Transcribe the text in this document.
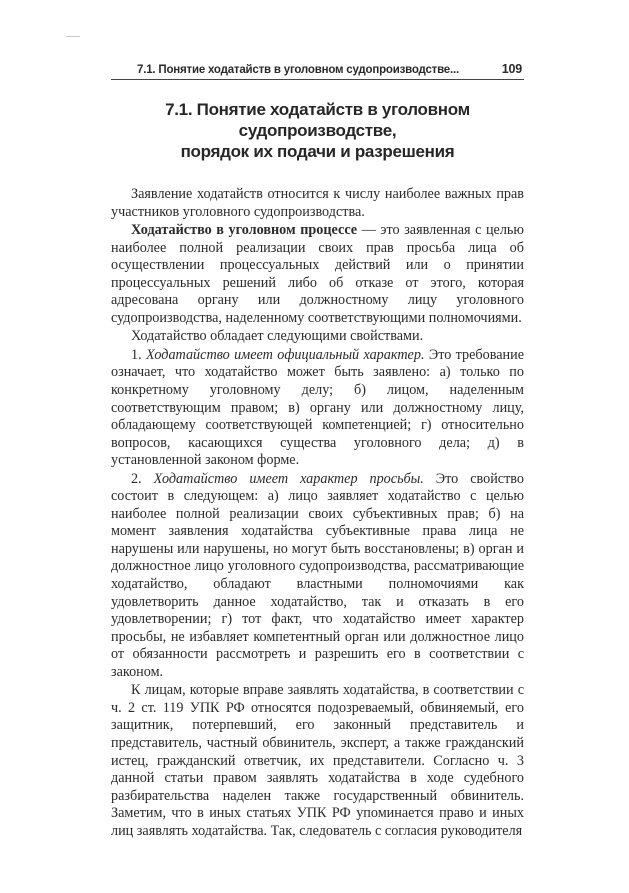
7.1. Понятие ходатайств в уголовном судопроизводстве...	109
7.1. Понятие ходатайств в уголовном судопроизводстве,
порядок их подачи и разрешения

Заявление ходатайств относится к числу наиболее важных прав участников уголовного судопроизводства.

Ходатайство в уголовном процессе — это заявленная с целью наиболее полной реализации своих прав просьба лица об осуществлении процессуальных действий или о принятии процессуальных решений либо об отказе от этого, которая адресована органу или должностному лицу уголовного судопроизводства, наделенному соответствующими полномочиями.

Ходатайство обладает следующими свойствами.

1. Ходатайство имеет официальный характер. Это требование означает, что ходатайство может быть заявлено: а) только по конкретному уголовному делу; б) лицом, наделенным соответствующим правом; в) органу или должностному лицу, обладающему соответствующей компетенцией; г) относительно вопросов, касающихся существа уголовного дела; д) в установленной законом форме.

2. Ходатайство имеет характер просьбы. Это свойство состоит в следующем: а) лицо заявляет ходатайство с целью наиболее полной реализации своих субъективных прав; б) на момент заявления ходатайства субъективные права лица не нарушены или нарушены, но могут быть восстановлены; в) орган и должностное лицо уголовного судопроизводства, рассматривающие ходатайство, обладают властными полномочиями как удовлетворить данное ходатайство, так и отказать в его удовлетворении; г) тот факт, что ходатайство имеет характер просьбы, не избавляет компетентный орган или должностное лицо от обязанности рассмотреть и разрешить его в соответствии с законом.

К лицам, которые вправе заявлять ходатайства, в соответствии с ч. 2 ст. 119 УПК РФ относятся подозреваемый, обвиняемый, его защитник, потерпевший, его законный представитель и представитель, частный обвинитель, эксперт, а также гражданский истец, гражданский ответчик, их представители. Согласно ч. 3 данной статьи правом заявлять ходатайства в ходе судебного разбирательства наделен также государственный обвинитель. Заметим, что в иных статьях УПК РФ упоминается право и иных лиц заявлять ходатайства. Так, следователь с согласия руководителя
